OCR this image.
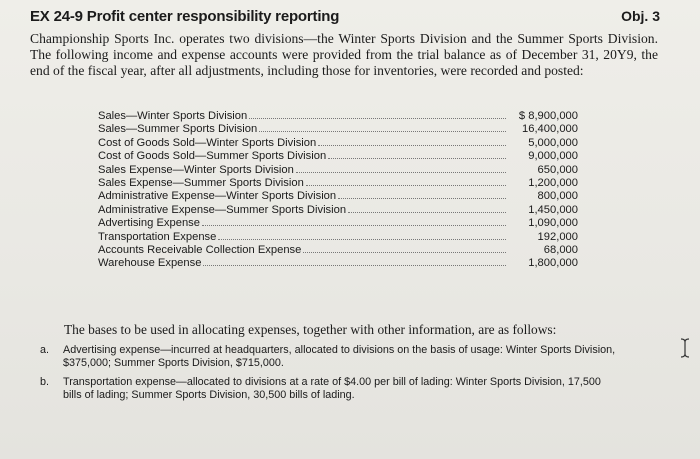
EX 24-9 Profit center responsibility reporting	Obj. 3
Championship Sports Inc. operates two divisions—the Winter Sports Division and the Summer Sports Division. The following income and expense accounts were provided from the trial balance as of December 31, 20Y9, the end of the fiscal year, after all adjustments, including those for inventories, were recorded and posted:
Sales—Winter Sports Division	$ 8,900,000
Sales—Summer Sports Division	16,400,000
Cost of Goods Sold—Winter Sports Division	5,000,000
Cost of Goods Sold—Summer Sports Division	9,000,000
Sales Expense—Winter Sports Division	650,000
Sales Expense—Summer Sports Division	1,200,000
Administrative Expense—Winter Sports Division	800,000
Administrative Expense—Summer Sports Division	1,450,000
Advertising Expense	1,090,000
Transportation Expense	192,000
Accounts Receivable Collection Expense	68,000
Warehouse Expense	1,800,000
The bases to be used in allocating expenses, together with other information, are as follows:
a.	Advertising expense—incurred at headquarters, allocated to divisions on the basis of usage: Winter Sports Division, $375,000; Summer Sports Division, $715,000.
b.	Transportation expense—allocated to divisions at a rate of $4.00 per bill of lading: Winter Sports Division, 17,500 bills of lading; Summer Sports Division, 30,500 bills of lading.
